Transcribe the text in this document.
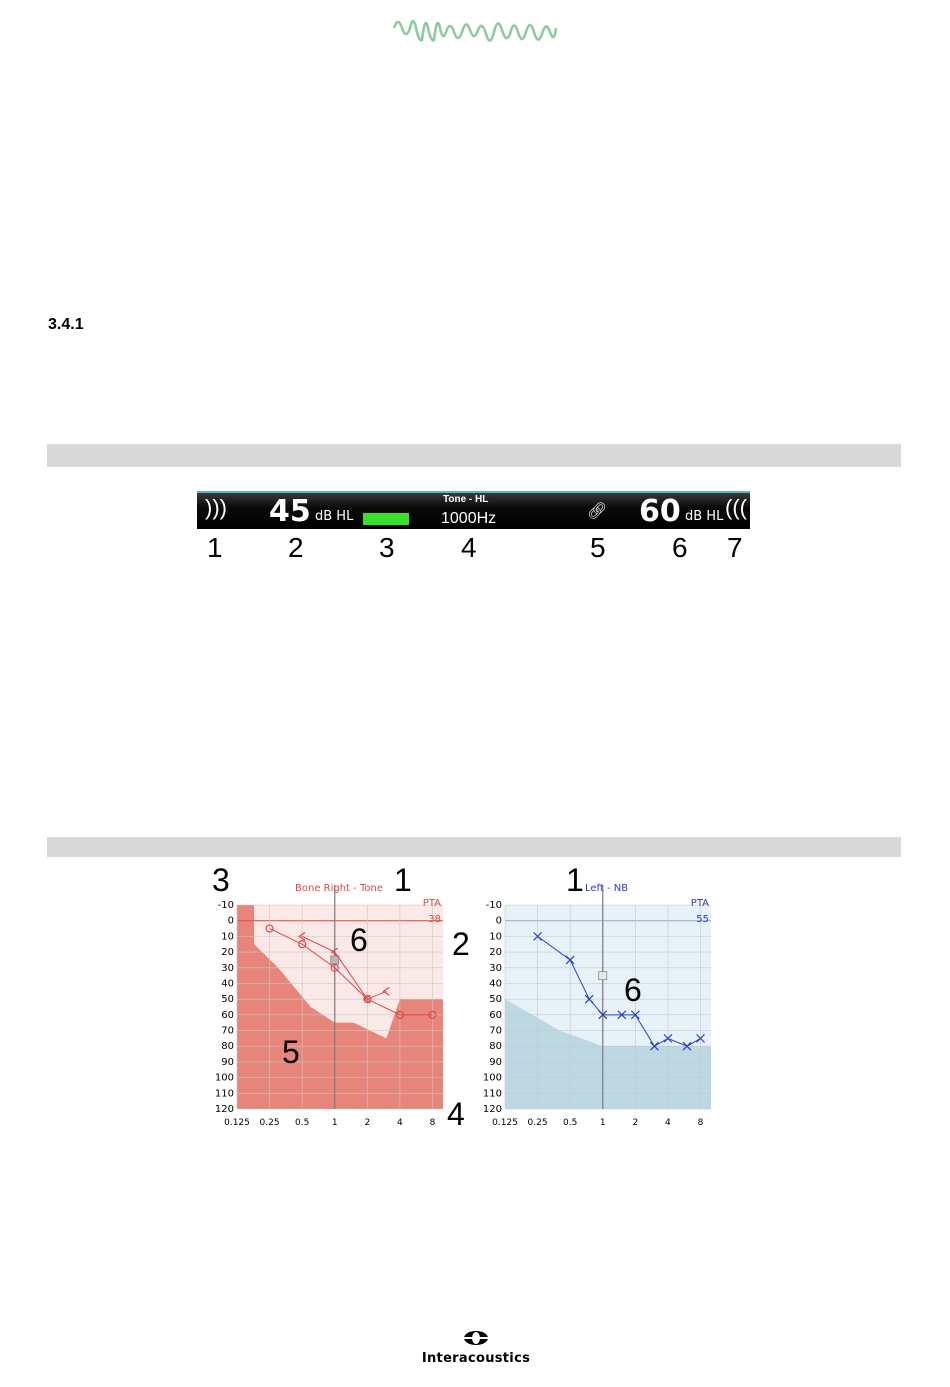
3.4.1
))) 45 dB HL
Tone - HL
1000Hz	🔗︎ 60 dB HL (((
1 2	3 4	5 6 7
-10
0
10
20
30
40
50
60
70
80
90
100
110
120
0.125 0.25 0.5	1	2	4	8
Bone Right - Tone
PTA
38
-10
0
10
20
30
40
50
60
70
80
90
100
110
120
0.125 0.25 0.5	1	2	4	8
Left - NB
PTA
55
3	1
6	2
5
4
1
6
Interacoustics
